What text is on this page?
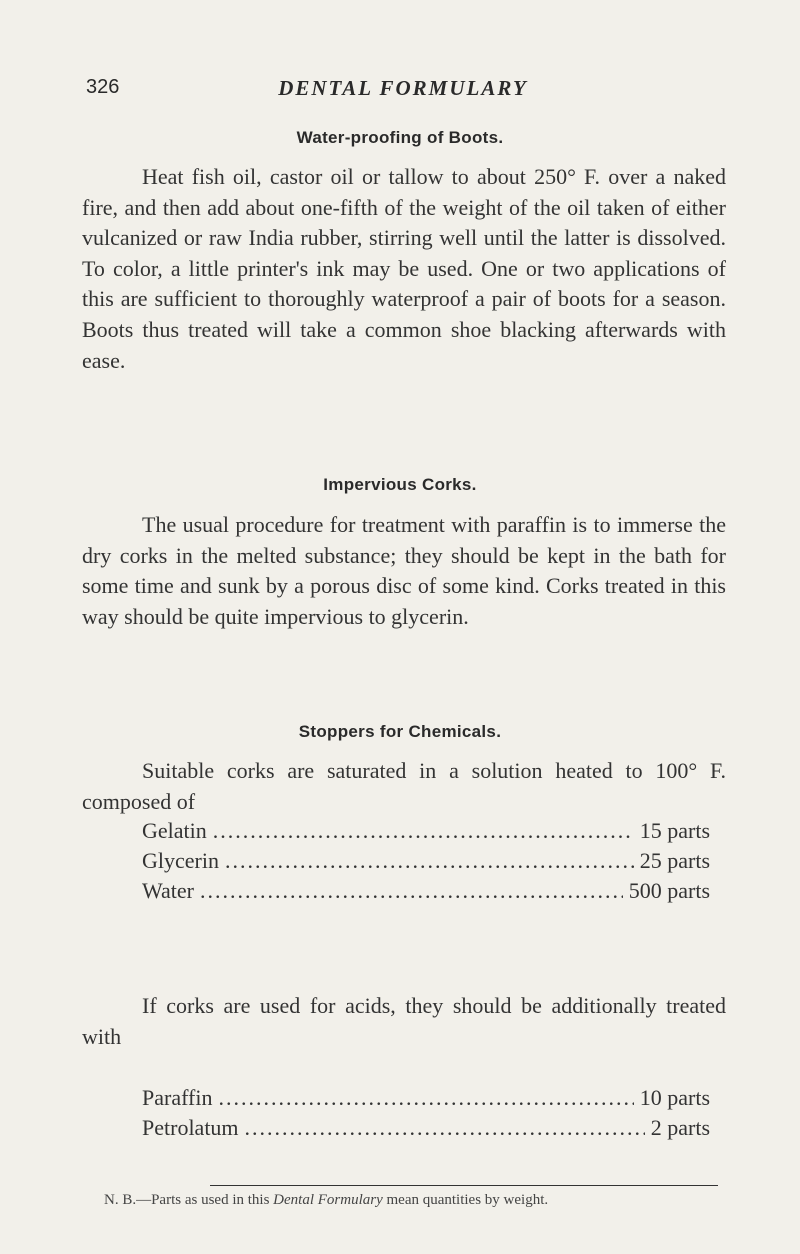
326	DENTAL FORMULARY
Water-proofing of Boots.

Heat fish oil, castor oil or tallow to about 250° F. over a naked fire, and then add about one-fifth of the weight of the oil taken of either vulcanized or raw India rubber, stirring well until the latter is dissolved. To color, a little printer's ink may be used. One or two applications of this are sufficient to thoroughly waterproof a pair of boots for a season. Boots thus treated will take a common shoe blacking afterwards with ease.

Impervious Corks.

The usual procedure for treatment with paraffin is to immerse the dry corks in the melted substance; they should be kept in the bath for some time and sunk by a porous disc of some kind. Corks treated in this way should be quite impervious to glycerin.

Stoppers for Chemicals.

Suitable corks are saturated in a solution heated to 100° F. composed of

Gelatin .....	15 parts
Glycerin .....	25 parts
Water .....	500 parts

If corks are used for acids, they should be additionally treated with

Paraffin .....	10 parts
Petrolatum .....	2 parts

N. B.—Parts as used in this Dental Formulary mean quantities by weight.
